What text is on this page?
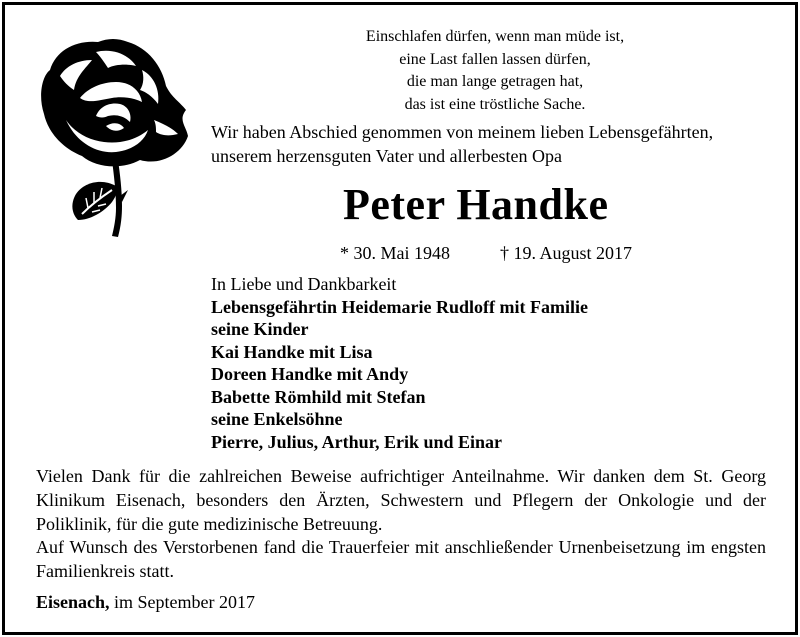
Einschlafen dürfen, wenn man müde ist,
eine Last fallen lassen dürfen,
die man lange getragen hat,
das ist eine tröstliche Sache.
Wir haben Abschied genommen von meinem lieben Lebensgefährten,
unserem herzensguten Vater und allerbesten Opa
Peter Handke
* 30. Mai 1948	† 19. August 2017
In Liebe und Dankbarkeit
Lebensgefährtin Heidemarie Rudloff mit Familie
seine Kinder
Kai Handke mit Lisa
Doreen Handke mit Andy
Babette Römhild mit Stefan
seine Enkelsöhne
Pierre, Julius, Arthur, Erik und Einar

Vielen Dank für die zahlreichen Beweise aufrichtiger Anteilnahme. Wir danken dem St. Georg Klinikum Eisenach, besonders den Ärzten, Schwestern und Pflegern der Onkologie und der Poliklinik, für die gute medizinische Betreuung.

Auf Wunsch des Verstorbenen fand die Trauerfeier mit anschließender Urnenbeisetzung im engsten Familienkreis statt.

Eisenach, im September 2017
